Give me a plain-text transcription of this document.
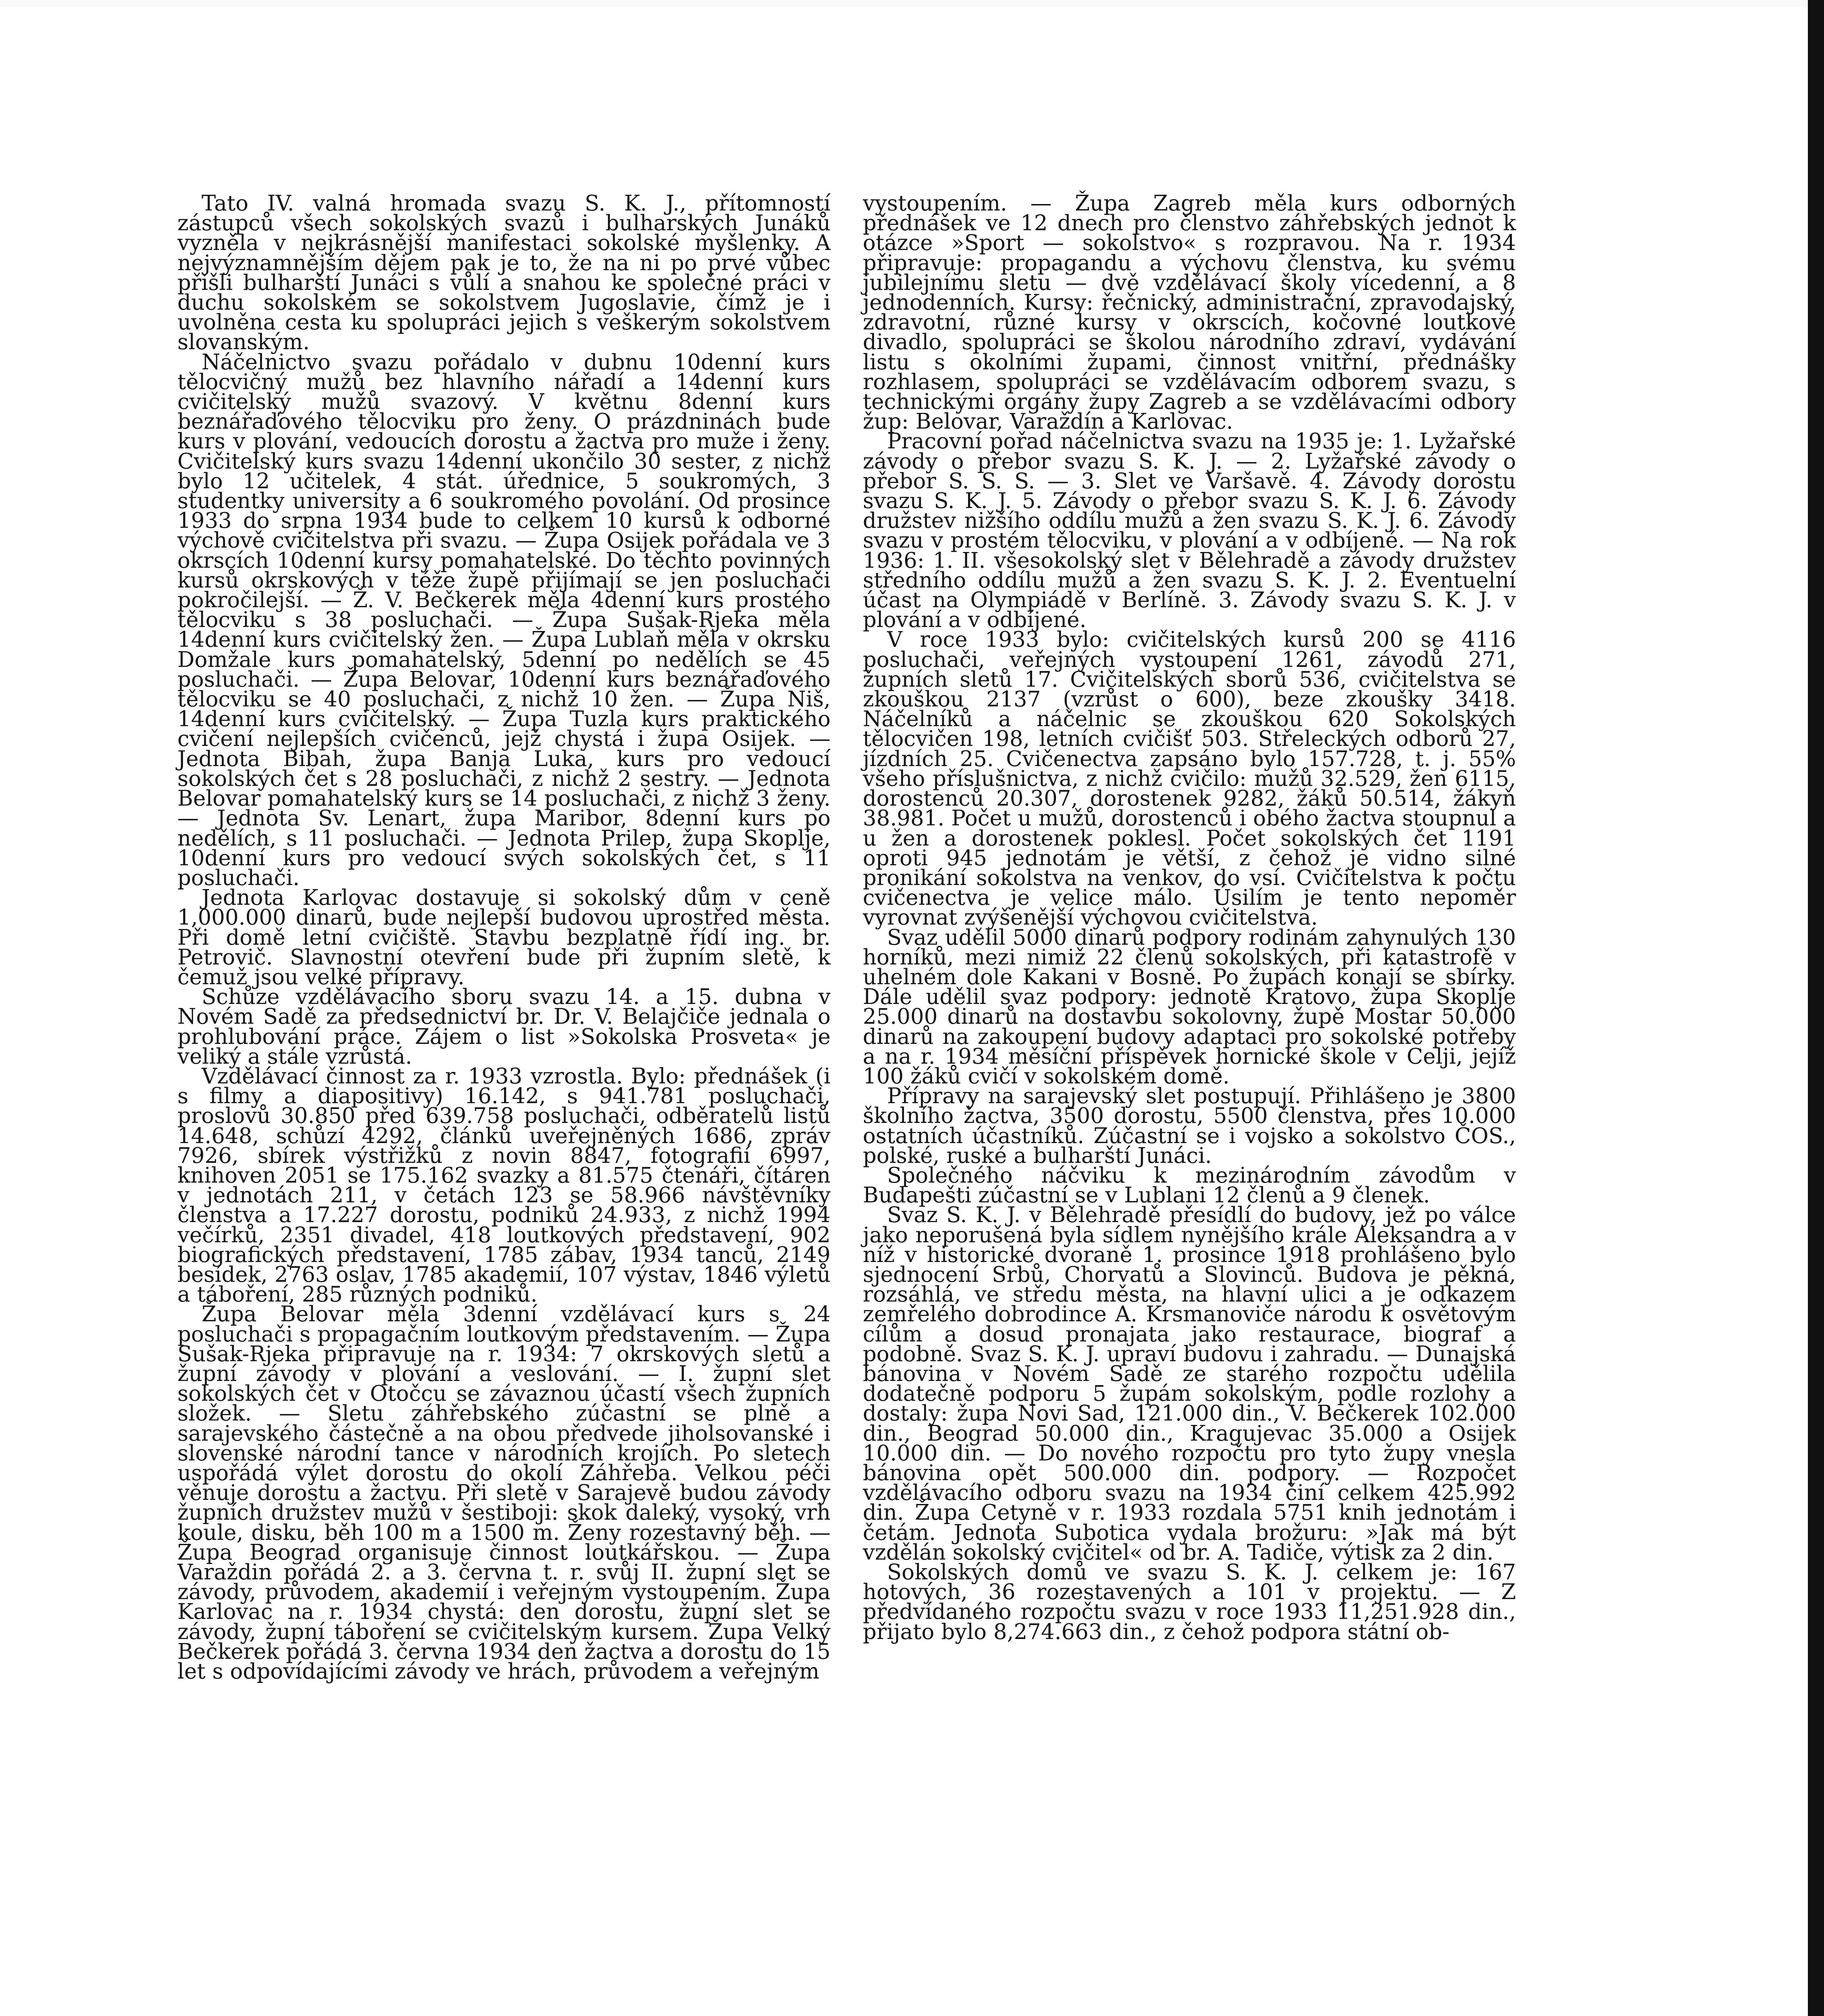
Tato IV. valná hromada svazu S. K. J., přítomností zástupců všech sokolských svazů i bulharských Junáků vyzněla v nejkrásnější manifestaci sokolské myšlenky. A nejvýznamnějším dějem pak je to, že na ni po prvé vůbec přišli bulharští Junáci s vůlí a snahou ke společné práci v duchu sokolském se sokolstvem Jugoslavie, čímž je i uvolněna cesta ku spolupráci jejich s veškerým sokolstvem slovanským.

Náčelnictvo svazu pořádalo v dubnu 10denní kurs tělocvičný mužů bez hlavního nářadí a 14denní kurs cvičitelský mužů svazový. V květnu 8denní kurs beznářaďového tělocviku pro ženy. O prázdninách bude kurs v plování, vedoucích dorostu a žactva pro muže i ženy. Cvičitelský kurs svazu 14denní ukončilo 30 sester, z nichž bylo 12 učitelek, 4 stát. úřednice, 5 soukromých, 3 studentky university a 6 soukromého povolání. Od prosince 1933 do srpna 1934 bude to celkem 10 kursů k odborné výchově cvičitelstva při svazu. — Župa Osijek pořádala ve 3 okrscích 10denní kursy pomahatelské. Do těchto povinných kursů okrskových v téže župě přijímají se jen posluchači pokročilejší. — Ž. V. Bečkerek měla 4denní kurs prostého tělocviku s 38 posluchači. — Župa Sušak-Rjeka měla 14denní kurs cvičitelský žen. — Župa Lublaň měla v okrsku Domžale kurs pomahatelský, 5denní po nedělích se 45 posluchači. — Župa Belovar, 10denní kurs beznářaďového tělocviku se 40 posluchači, z nichž 10 žen. — Župa Niš, 14denní kurs cvičitelský. — Župa Tuzla kurs praktického cvičení nejlepších cvičenců, jejž chystá i župa Osijek. — Jednota Bibah, župa Banja Luka, kurs pro vedoucí sokolských čet s 28 posluchači, z nichž 2 sestry. — Jednota Belovar pomahatelský kurs se 14 posluchači, z nichž 3 ženy. — Jednota Sv. Lenart, župa Maribor, 8denní kurs po nedělích, s 11 posluchači. — Jednota Prilep, župa Skoplje, 10denní kurs pro vedoucí svých sokolských čet, s 11 posluchači.

Jednota Karlovac dostavuje si sokolský dům v ceně 1,000.000 dinarů, bude nejlepší budovou uprostřed města. Při domě letní cvičiště. Stavbu bezplatně řídí ing. br. Petrovič. Slavnostní otevření bude při župním sletě, k čemuž jsou velké přípravy.

Schůze vzdělávacího sboru svazu 14. a 15. dubna v Novém Sadě za předsednictví br. Dr. V. Belajčiče jednala o prohlubování práce. Zájem o list »Sokolska Prosveta« je veliký a stále vzrůstá.

Vzdělávací činnost za r. 1933 vzrostla. Bylo: přednášek (i s filmy a diapositivy) 16.142, s 941.781 posluchači, proslovů 30.850 před 639.758 posluchači, odběratelů listů 14.648, schůzí 4292, článků uveřejněných 1686, zpráv 7926, sbírek výstřižků z novin 8847, fotografií 6997, knihoven 2051 se 175.162 svazky a 81.575 čtenáři, čítáren v jednotách 211, v četách 123 se 58.966 návštěvníky členstva a 17.227 dorostu, podniků 24.933, z nichž 1994 večírků, 2351 divadel, 418 loutkových představení, 902 biografických představení, 1785 zábav, 1934 tanců, 2149 besídek, 2763 oslav, 1785 akademií, 107 výstav, 1846 výletů a táboření, 285 různých podniků.

Župa Belovar měla 3denní vzdělávací kurs s 24 posluchači s propagačním loutkovým představením. — Župa Sušak-Rjeka připravuje na r. 1934: 7 okrskových sletů a župní závody v plování a veslování. — I. župní slet sokolských čet v Otočcu se závaznou účastí všech župních složek. — Sletu záhřebského zúčastní se plně a sarajevského částečně a na obou předvede jiholsovanské i slovenské národní tance v národních krojích. Po sletech uspořádá výlet dorostu do okolí Záhřeba. Velkou péči věnuje dorostu a žactvu. Při sletě v Sarajevě budou závody župních družstev mužů v šestiboji: skok daleký, vysoký, vrh koule, disku, běh 100 m a 1500 m. Ženy rozestavný běh. — Župa Beograd organisuje činnost loutkářskou. — Župa Varaždin pořádá 2. a 3. června t. r. svůj II. župní slet se závody, průvodem, akademií i veřejným vystoupením. Župa Karlovac na r. 1934 chystá: den dorostu, župní slet se závody, župní táboření se cvičitelským kursem. Župa Velký Bečkerek pořádá 3. června 1934 den žactva a dorostu do 15 let s odpovídajícími závody ve hrách, průvodem a veřejným

vystoupením. — Župa Zagreb měla kurs odborných přednášek ve 12 dnech pro členstvo záhřebských jednot k otázce »Sport — sokolstvo« s rozpravou. Na r. 1934 připravuje: propagandu a výchovu členstva, ku svému jubilejnímu sletu — dvě vzdělávací školy vícedenní, a 8 jednodenních. Kursy: řečnický, administrační, zpravodajský, zdravotní, různé kursy v okrscích, kočovné loutkové divadlo, spolupráci se školou národního zdraví, vydávání listu s okolními župami, činnost vnitřní, přednášky rozhlasem, spolupráci se vzdělávacím odborem svazu, s technickými orgány župy Zagreb a se vzdělávacími odbory žup: Belovar, Varaždín a Karlovac.

Pracovní pořad náčelnictva svazu na 1935 je: 1. Lyžařské závody o přebor svazu S. K. J. — 2. Lyžařské závody o přebor S. S. S. — 3. Slet ve Varšavě. 4. Závody dorostu svazu S. K. J. 5. Závody o přebor svazu S. K. J. 6. Závody družstev nižšího oddílu mužů a žen svazu S. K. J. 6. Závody svazu v prostém tělocviku, v plování a v odbíjené. — Na rok 1936: 1. II. všesokolský slet v Bělehradě a závody družstev středního oddílu mužů a žen svazu S. K. J. 2. Eventuelní účast na Olympiádě v Berlíně. 3. Závody svazu S. K. J. v plování a v odbíjené.

V roce 1933 bylo: cvičitelských kursů 200 se 4116 posluchači, veřejných vystoupení 1261, závodů 271, župních sletů 17. Cvičitelských sborů 536, cvičitelstva se zkouškou 2137 (vzrůst o 600), beze zkoušky 3418. Náčelníků a náčelnic se zkouškou 620 Sokolských tělocvičen 198, letních cvičišť 503. Střeleckých odborů 27, jízdních 25. Cvičenectva zapsáno bylo 157.728, t. j. 55% všeho příslušnictva, z nichž cvičilo: mužů 32.529, žen 6115, dorostenců 20.307, dorostenek 9282, žáků 50.514, žákyň 38.981. Počet u mužů, dorostenců i obého žactva stoupnul a u žen a dorostenek poklesl. Počet sokolských čet 1191 oproti 945 jednotám je větší, z čehož je vidno silné pronikání sokolstva na venkov, do vsí. Cvičitelstva k počtu cvičenectva je velice málo. Úsilím je tento nepoměr vyrovnat zvýšenější výchovou cvičitelstva.

Svaz udělil 5000 dinarů podpory rodinám zahynulých 130 horníků, mezi nimiž 22 členů sokolských, při katastrofě v uhelném dole Kakani v Bosně. Po župách konají se sbírky. Dále udělil svaz podpory: jednotě Kratovo, župa Skoplje 25.000 dinarů na dostavbu sokolovny, župě Mostar 50.000 dinarů na zakoupení budovy adaptaci pro sokolské potřeby a na r. 1934 měsíční příspěvek hornické škole v Celji, jejíž 100 žáků cvičí v sokolském domě.

Přípravy na sarajevský slet postupují. Přihlášeno je 3800 školního žactva, 3500 dorostu, 5500 členstva, přes 10.000 ostatních účastníků. Zúčastní se i vojsko a sokolstvo ČOS., polské, ruské a bulharští Junáci.

Společného náčviku k mezinárodním závodům v Budapešti zúčastní se v Lublani 12 členů a 9 členek.

Svaz S. K. J. v Bělehradě přesídlí do budovy, jež po válce jako neporušená byla sídlem nynějšího krále Aleksandra a v níž v historické dvoraně 1. prosince 1918 prohlášeno bylo sjednocení Srbů, Chorvatů a Slovinců. Budova je pěkná, rozsáhlá, ve středu města, na hlavní ulici a je odkazem zemřelého dobrodince A. Krsmanoviče národu k osvětovým cílům a dosud pronajata jako restaurace, biograf a podobně. Svaz S. K. J. upraví budovu i zahradu. — Dunajská bánovina v Novém Sadě ze starého rozpočtu udělila dodatečně podporu 5 župám sokolským, podle rozlohy a dostaly: župa Novi Sad, 121.000 din., V. Bečkerek 102.000 din., Beograd 50.000 din., Kragujevac 35.000 a Osijek 10.000 din. — Do nového rozpočtu pro tyto župy vnesla bánovina opět 500.000 din. podpory. — Rozpočet vzdělávacího odboru svazu na 1934 činí celkem 425.992 din. Župa Cetyně v r. 1933 rozdala 5751 knih jednotám i četám. Jednota Subotica vydala brožuru: »Jak má být vzdělán sokolský cvičitel« od br. A. Tadiče, výtisk za 2 din.

Sokolských domů ve svazu S. K. J. celkem je: 167 hotových, 36 rozestavených a 101 v projektu. — Z předvídaného rozpočtu svazu v roce 1933 11,251.928 din., přijato bylo 8,274.663 din., z čehož podpora státní ob-
